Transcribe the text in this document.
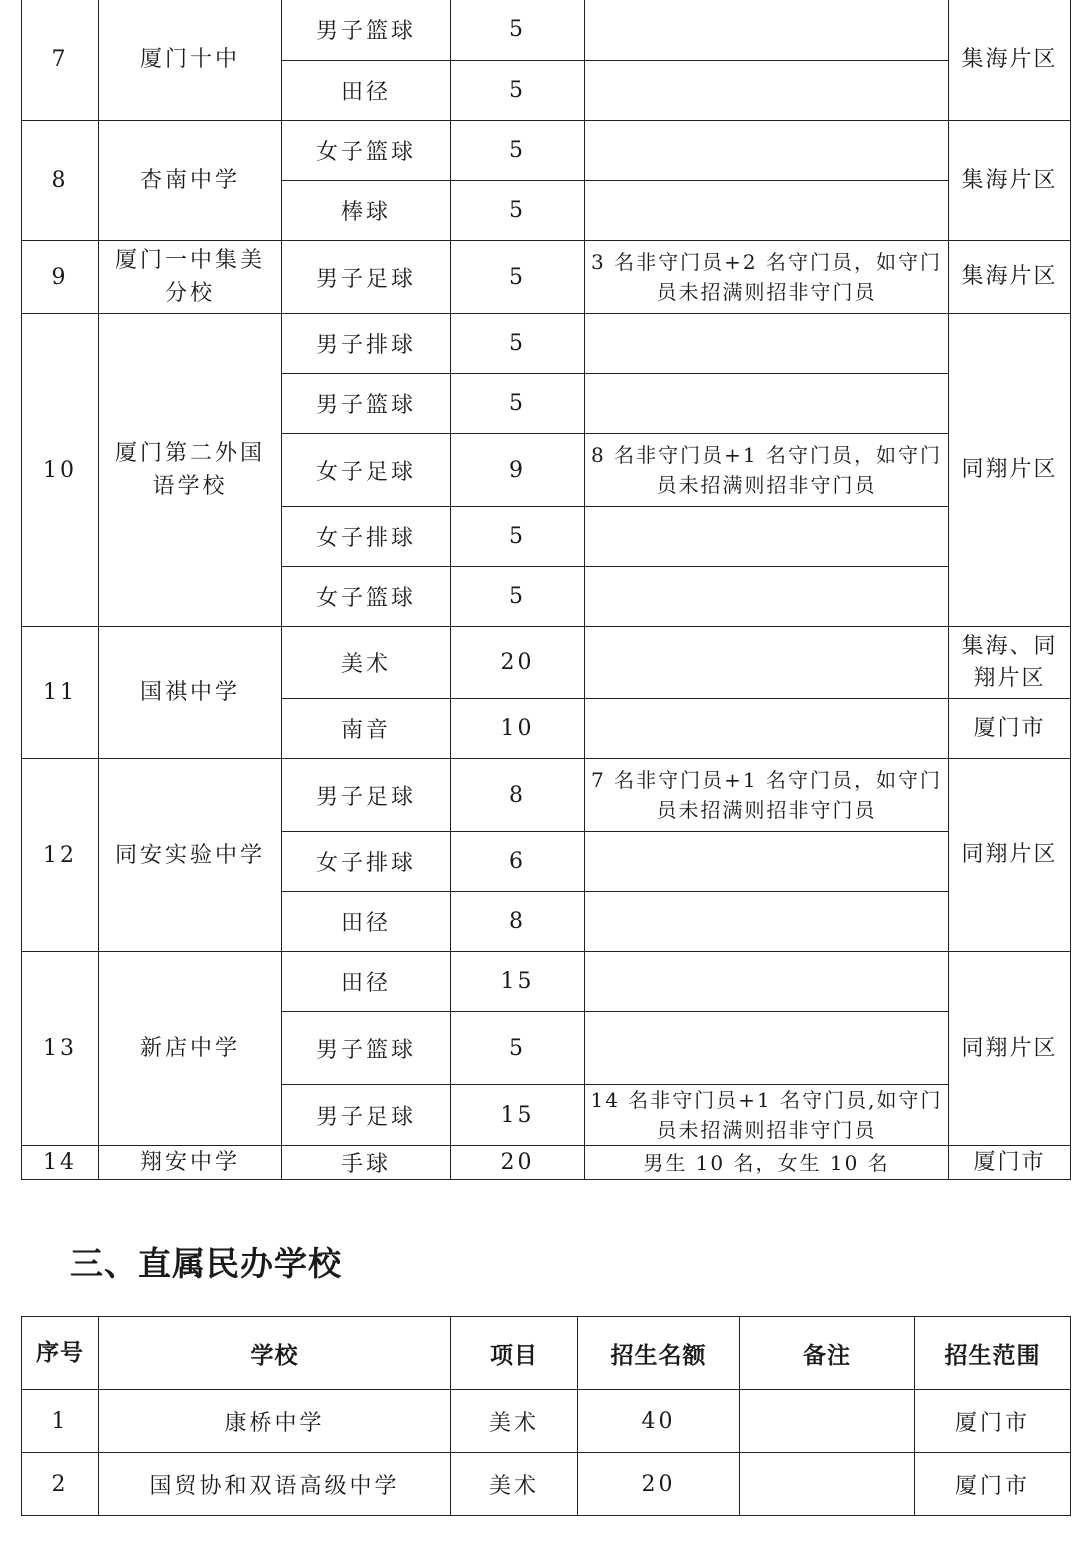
7	厦门十中	男子篮球	5		集海片区
		田径	5		
8	杏南中学	女子篮球	5		集海片区
		棒球	5		
9	厦门一中集美分校	男子足球	5	3 名非守门员+2 名守门员，如守门员未招满则招非守门员	集海片区
10	厦门第二外国语学校	男子排球	5		同翔片区
		男子篮球	5		
		女子足球	9	8 名非守门员+1 名守门员，如守门员未招满则招非守门员	
		女子排球	5		
		女子篮球	5		
11	国祺中学	美术	20		集海、同翔片区
		南音	10		厦门市
12	同安实验中学	男子足球	8	7 名非守门员+1 名守门员，如守门员未招满则招非守门员	同翔片区
		女子排球	6		
		田径	8		
13	新店中学	田径	15		同翔片区
		男子篮球	5		
		男子足球	15	14 名非守门员+1 名守门员,如守门员未招满则招非守门员	
14	翔安中学	手球	20	男生 10 名，女生 10 名	厦门市
三、直属民办学校
序号	学校	项目	招生名额	备注	招生范围
1	康桥中学	美术	40		厦门市
2	国贸协和双语高级中学	美术	20		厦门市
